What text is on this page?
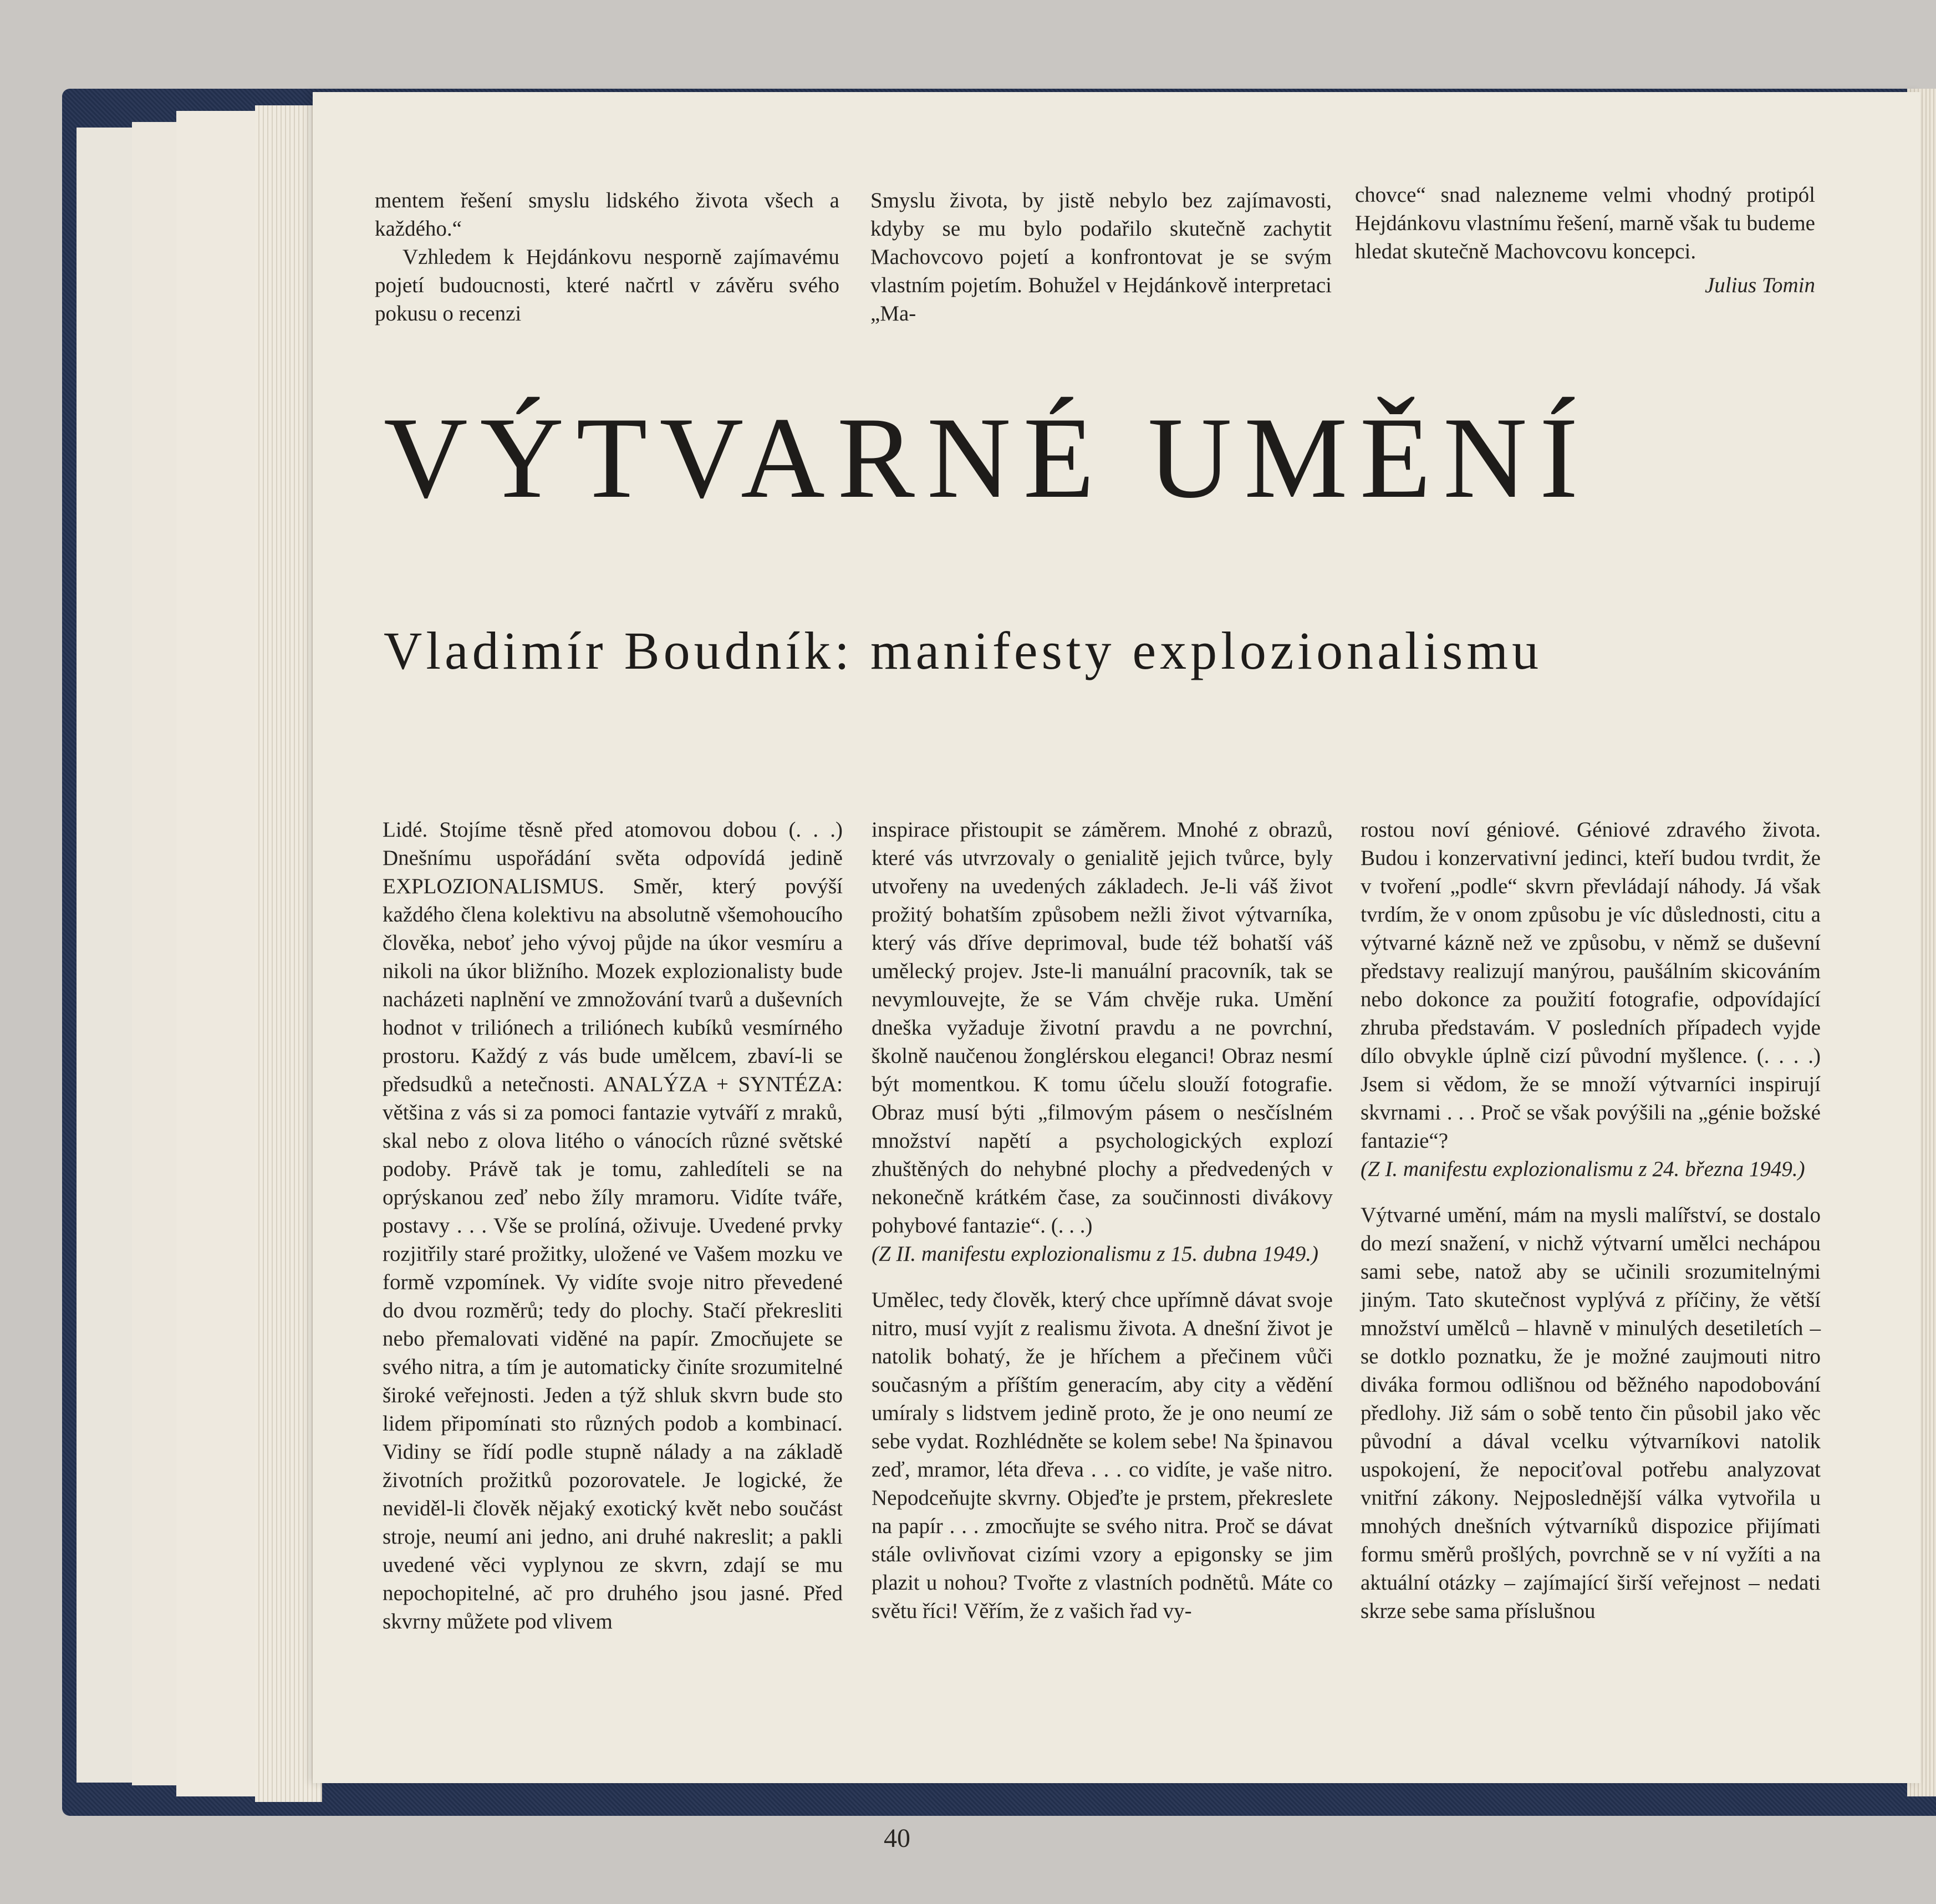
mentem řešení smyslu lidského života všech a každého.“

Vzhledem k Hejdánkovu nesporně zajímavému pojetí budoucnosti, které načrtl v závěru svého pokusu o recenzi

Smyslu života, by jistě nebylo bez zajímavosti, kdyby se mu bylo podařilo skutečně zachytit Machovcovo pojetí a konfrontovat je se svým vlastním pojetím. Bohužel v Hejdánkově interpretaci „Ma-

chovce“ snad nalezneme velmi vhodný protipól Hejdánkovu vlastnímu řešení, marně však tu budeme hledat skutečně Machovcovu koncepci.

Julius Tomin

VÝTVARNÉ UMĚNÍ
Vladimír Boudník: manifesty explozionalismu

Lidé. Stojíme těsně před atomovou dobou (. . .) Dnešnímu uspořádání světa odpovídá jedině EXPLOZIONALISMUS. Směr, který povýší každého člena kolektivu na absolutně všemohoucího člověka, neboť jeho vývoj půjde na úkor vesmíru a nikoli na úkor bližního. Mozek explozionalisty bude nacházeti naplnění ve zmnožování tvarů a duševních hodnot v triliónech a triliónech kubíků vesmírného prostoru. Každý z vás bude umělcem, zbaví-li se předsudků a netečnosti. ANALÝZA + SYNTÉZA: většina z vás si za pomoci fantazie vytváří z mraků, skal nebo z olova litého o vánocích různé světské podoby. Právě tak je tomu, zahledíteli se na oprýskanou zeď nebo žíly mramoru. Vidíte tváře, postavy . . . Vše se prolíná, oživuje. Uvedené prvky rozjitřily staré prožitky, uložené ve Vašem mozku ve formě vzpomínek. Vy vidíte svoje nitro převedené do dvou rozměrů; tedy do plochy. Stačí překresliti nebo přemalovati viděné na papír. Zmocňujete se svého nitra, a tím je automaticky činíte srozumitelné široké veřejnosti. Jeden a týž shluk skvrn bude sto lidem připomínati sto různých podob a kombinací. Vidiny se řídí podle stupně nálady a na základě životních prožitků pozorovatele. Je logické, že neviděl-li člověk nějaký exotický květ nebo součást stroje, neumí ani jedno, ani druhé nakreslit; a pakli uvedené věci vyplynou ze skvrn, zdají se mu nepochopitelné, ač pro druhého jsou jasné. Před skvrny můžete pod vlivem

inspirace přistoupit se záměrem. Mnohé z obrazů, které vás utvrzovaly o genialitě jejich tvůrce, byly utvořeny na uvedených základech. Je-li váš život prožitý bohatším způsobem nežli život výtvarníka, který vás dříve deprimoval, bude též bohatší váš umělecký projev. Jste-li manuální pracovník, tak se nevymlouvejte, že se Vám chvěje ruka. Umění dneška vyžaduje životní pravdu a ne povrchní, školně naučenou žonglérskou eleganci! Obraz nesmí být momentkou. K tomu účelu slouží fotografie. Obraz musí býti „filmovým pásem o nesčíslném množství napětí a psychologických explozí zhuštěných do nehybné plochy a předvedených v nekonečně krátkém čase, za součinnosti divákovy pohybové fantazie“. (. . .)

(Z II. manifestu explozionalismu z 15. dubna 1949.)

Umělec, tedy člověk, který chce upřímně dávat svoje nitro, musí vyjít z realismu života. A dnešní život je natolik bohatý, že je hříchem a přečinem vůči současným a příštím generacím, aby city a vědění umíraly s lidstvem jedině proto, že je ono neumí ze sebe vydat. Rozhlédněte se kolem sebe! Na špinavou zeď, mramor, léta dřeva . . . co vidíte, je vaše nitro. Nepodceňujte skvrny. Objeďte je prstem, překreslete na papír . . . zmocňujte se svého nitra. Proč se dávat stále ovlivňovat cizími vzory a epigonsky se jim plazit u nohou? Tvořte z vlastních podnětů. Máte co světu říci! Věřím, že z vašich řad vy-

rostou noví géniové. Géniové zdravého života. Budou i konzervativní jedinci, kteří budou tvrdit, že v tvoření „podle“ skvrn převládají náhody. Já však tvrdím, že v onom způsobu je víc důslednosti, citu a výtvarné kázně než ve způsobu, v němž se duševní představy realizují manýrou, paušálním skicováním nebo dokonce za použití fotografie, odpovídající zhruba představám. V posledních případech vyjde dílo obvykle úplně cizí původní myšlence. (. . . .) Jsem si vědom, že se množí výtvarníci inspirují skvrnami . . . Proč se však povýšili na „génie božské fantazie“?

(Z I. manifestu explozionalismu z 24. března 1949.)

Výtvarné umění, mám na mysli malířství, se dostalo do mezí snažení, v nichž výtvarní umělci nechápou sami sebe, natož aby se učinili srozumitelnými jiným. Tato skutečnost vyplývá z příčiny, že větší množství umělců – hlavně v minulých desetiletích – se dotklo poznatku, že je možné zaujmouti nitro diváka formou odlišnou od běžného napodobování předlohy. Již sám o sobě tento čin působil jako věc původní a dával vcelku výtvarníkovi natolik uspokojení, že nepociťoval potřebu analyzovat vnitřní zákony. Nejposlednější válka vytvořila u mnohých dnešních výtvarníků dispozice přijímati formu směrů prošlých, povrchně se v ní vyžíti a na aktuální otázky – zajímající širší veřejnost – nedati skrze sebe sama příslušnou

40
